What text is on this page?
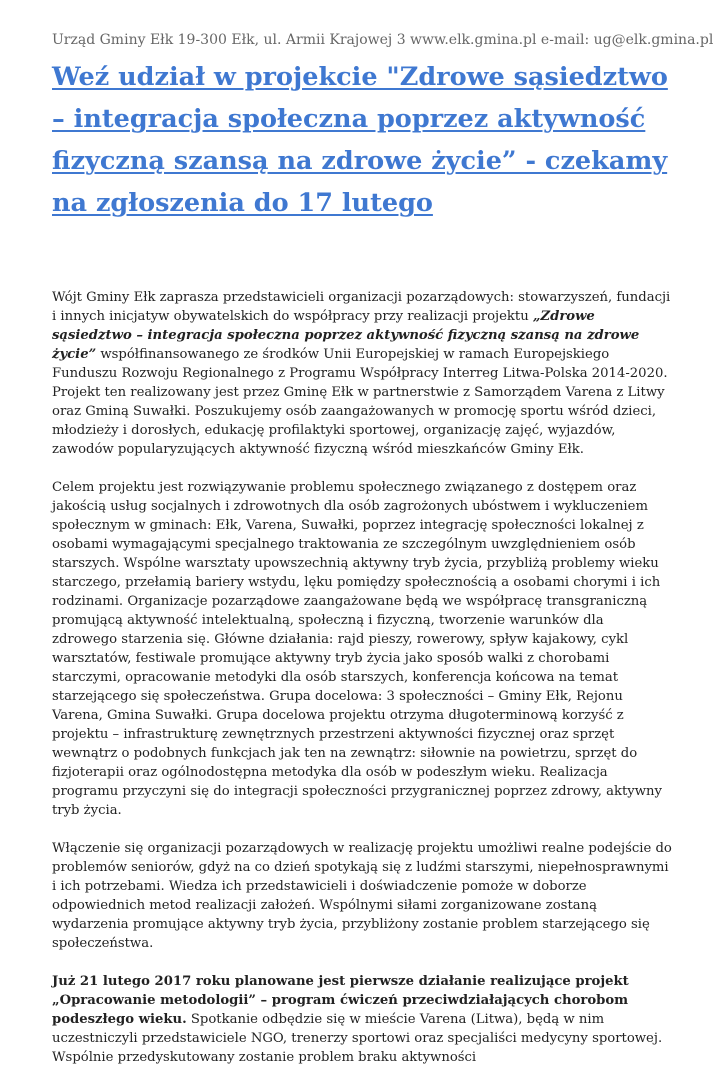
Urząd Gminy Ełk 19-300 Ełk, ul. Armii Krajowej 3 www.elk.gmina.pl e-mail: ug@elk.gmina.pl
Weź udział w projekcie "Zdrowe sąsiedztwo – integracja społeczna poprzez aktywność fizyczną szansą na zdrowe życie” - czekamy na zgłoszenia do 17 lutego

Wójt Gminy Ełk zaprasza przedstawicieli organizacji pozarządowych: stowarzyszeń, fundacji i innych inicjatyw obywatelskich do współpracy przy realizacji projektu „Zdrowe sąsiedztwo – integracja społeczna poprzez aktywność fizyczną szansą na zdrowe życie” współfinansowanego ze środków Unii Europejskiej w ramach Europejskiego Funduszu Rozwoju Regionalnego z Programu Współpracy Interreg Litwa-Polska 2014-2020. Projekt ten realizowany jest przez Gminę Ełk w partnerstwie z Samorządem Varena z Litwy oraz Gminą Suwałki. Poszukujemy osób zaangażowanych w promocję sportu wśród dzieci, młodzieży i dorosłych, edukację profilaktyki sportowej, organizację zajęć, wyjazdów, zawodów popularyzujących aktywność fizyczną wśród mieszkańców Gminy Ełk.

Celem projektu jest rozwiązywanie problemu społecznego związanego z dostępem oraz jakością usług socjalnych i zdrowotnych dla osób zagrożonych ubóstwem i wykluczeniem społecznym w gminach: Ełk, Varena, Suwałki, poprzez integrację społeczności lokalnej z osobami wymagającymi specjalnego traktowania ze szczególnym uwzględnieniem osób starszych. Wspólne warsztaty upowszechnią aktywny tryb życia, przybliżą problemy wieku starczego, przełamią bariery wstydu, lęku pomiędzy społecznością a osobami chorymi i ich rodzinami. Organizacje pozarządowe zaangażowane będą we współpracę transgraniczną promującą aktywność intelektualną, społeczną i fizyczną, tworzenie warunków dla zdrowego starzenia się. Główne działania: rajd pieszy, rowerowy, spływ kajakowy, cykl warsztatów, festiwale promujące aktywny tryb życia jako sposób walki z chorobami starczymi, opracowanie metodyki dla osób starszych, konferencja końcowa na temat starzejącego się społeczeństwa. Grupa docelowa: 3 społeczności – Gminy Ełk, Rejonu Varena, Gmina Suwałki. Grupa docelowa projektu otrzyma długoterminową korzyść z projektu – infrastrukturę zewnętrznych przestrzeni aktywności fizycznej oraz sprzęt wewnątrz o podobnych funkcjach jak ten na zewnątrz: siłownie na powietrzu, sprzęt do fizjoterapii oraz ogólnodostępna metodyka dla osób w podeszłym wieku. Realizacja programu przyczyni się do integracji społeczności przygranicznej poprzez zdrowy, aktywny tryb życia.

Włączenie się organizacji pozarządowych w realizację projektu umożliwi realne podejście do problemów seniorów, gdyż na co dzień spotykają się z ludźmi starszymi, niepełnosprawnymi i ich potrzebami. Wiedza ich przedstawicieli i doświadczenie pomoże w doborze odpowiednich metod realizacji założeń. Wspólnymi siłami zorganizowane zostaną wydarzenia promujące aktywny tryb życia, przybliżony zostanie problem starzejącego się społeczeństwa.

Już 21 lutego 2017 roku planowane jest pierwsze działanie realizujące projekt „Opracowanie metodologii” – program ćwiczeń przeciwdziałających chorobom podeszłego wieku. Spotkanie odbędzie się w mieście Varena (Litwa), będą w nim uczestniczyli przedstawiciele NGO, trenerzy sportowi oraz specjaliści medycyny sportowej. Wspólnie przedyskutowany zostanie problem braku aktywności
